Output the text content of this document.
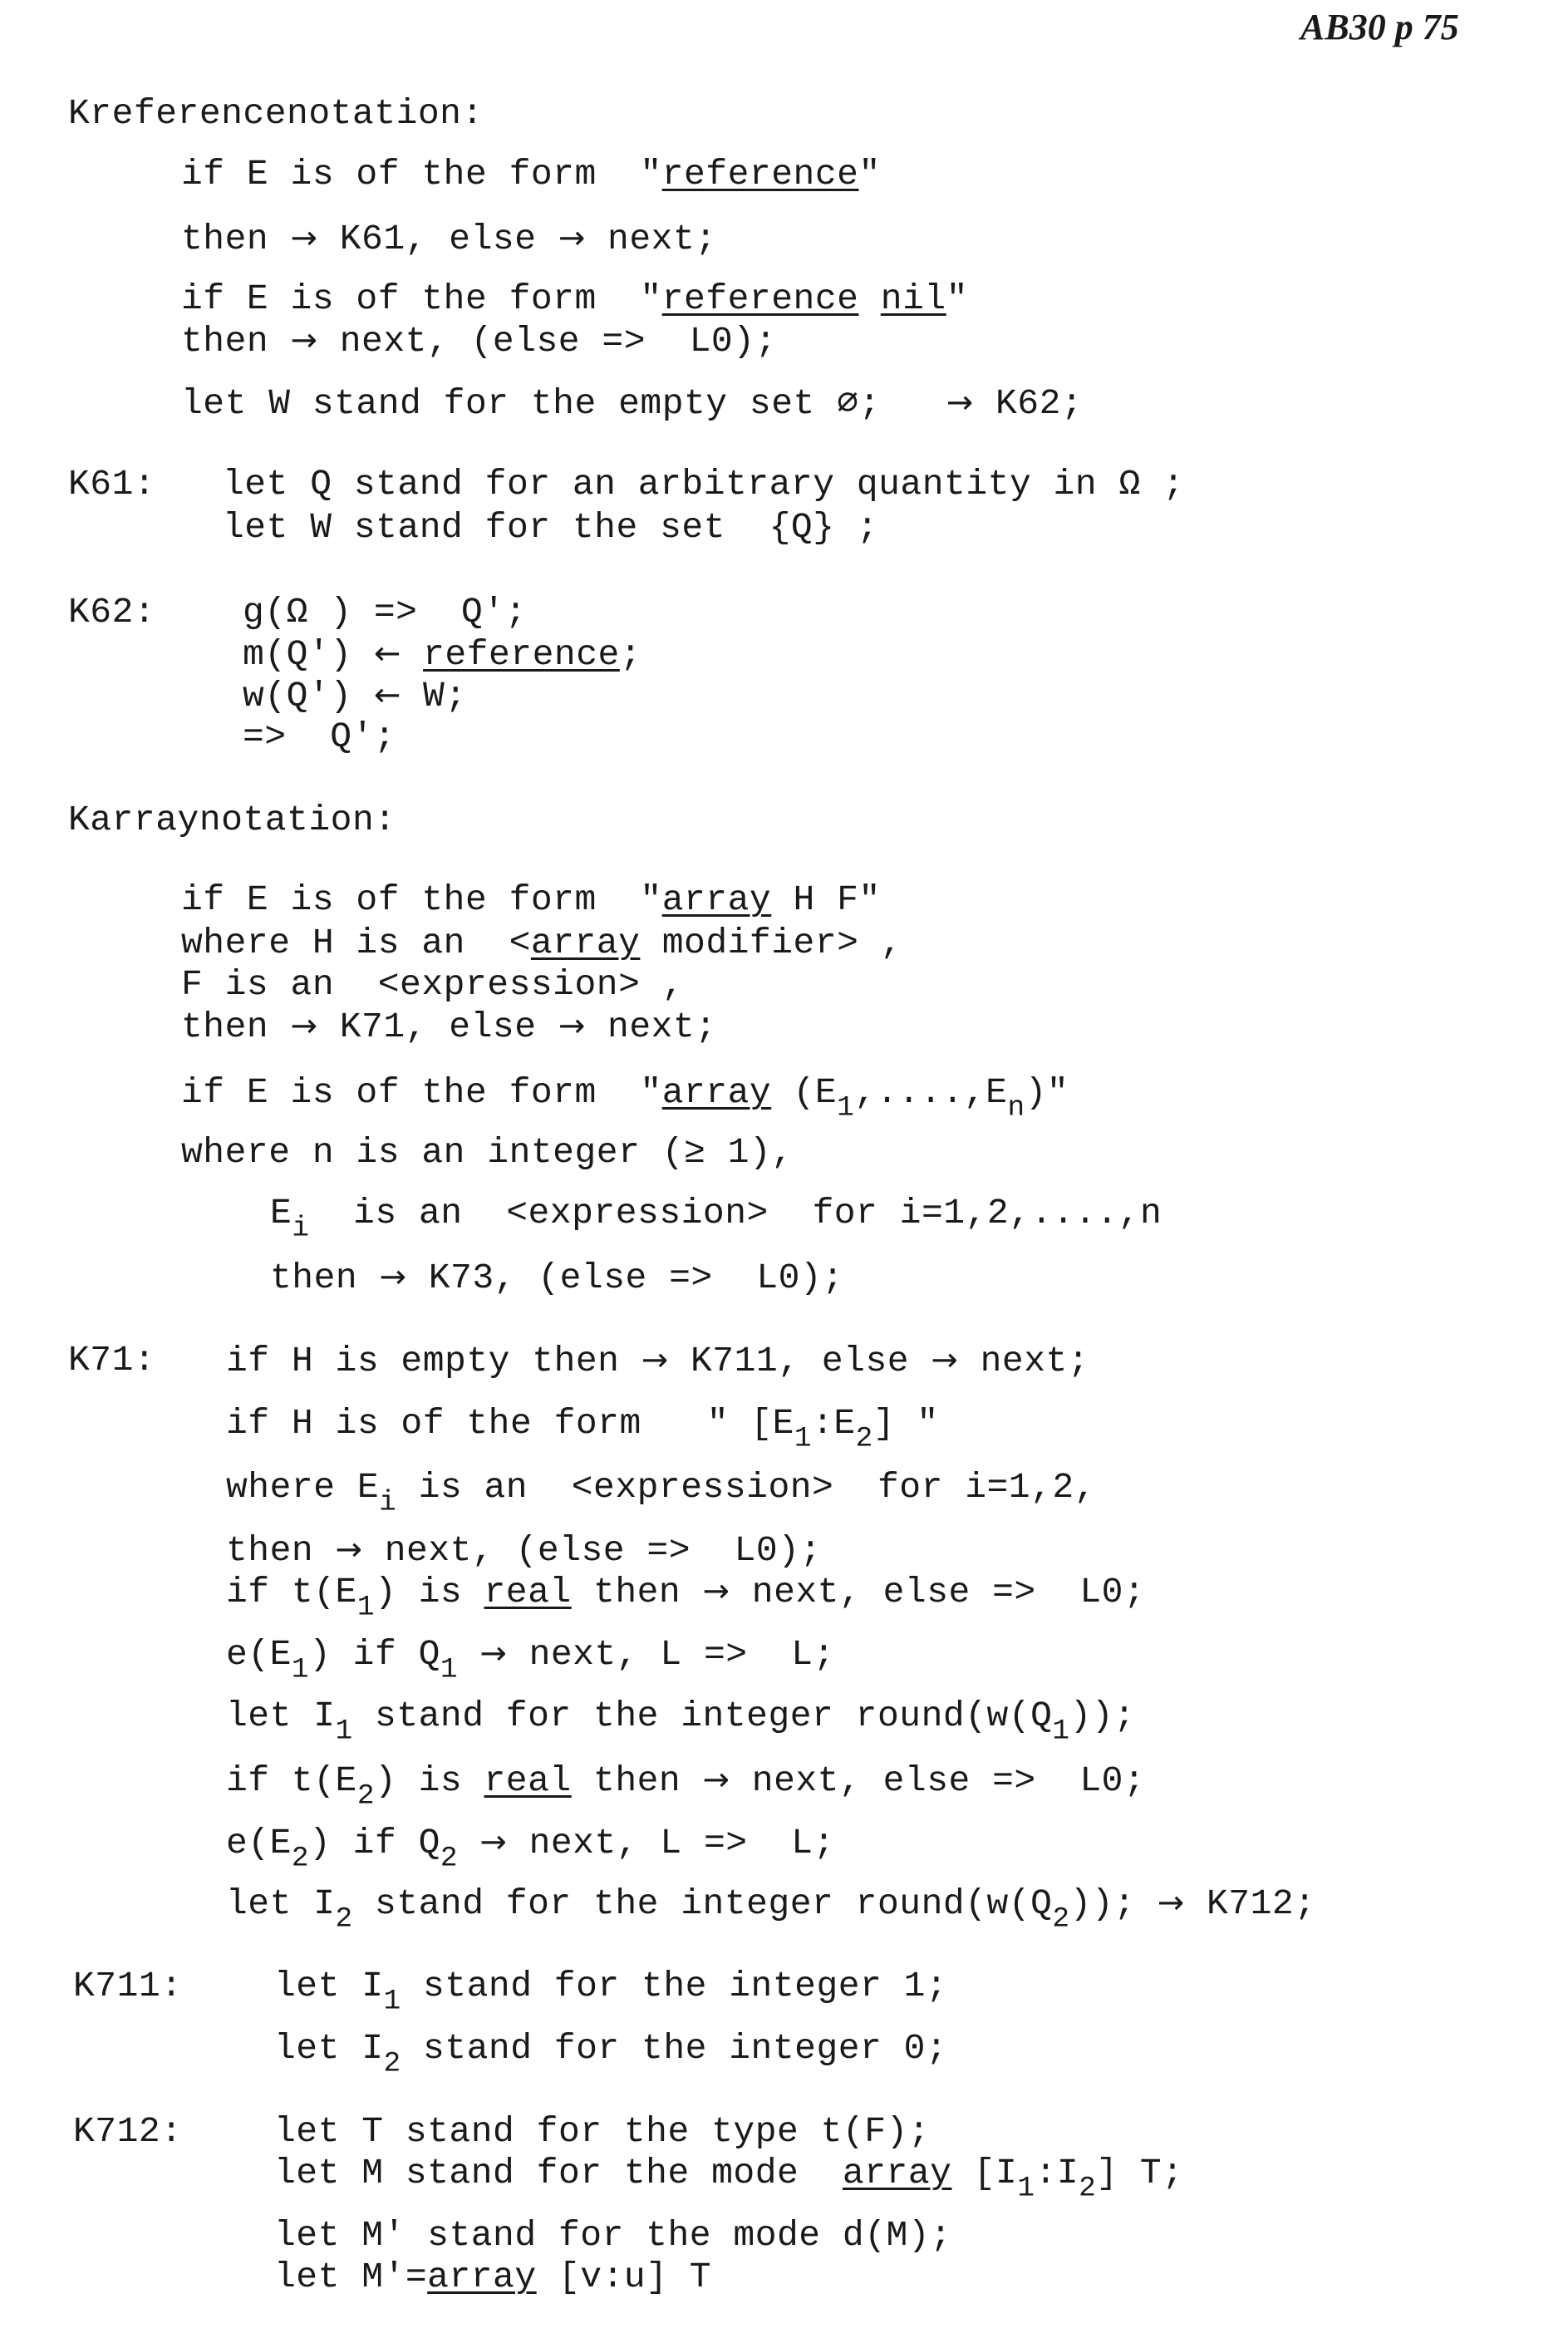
AB30 p 75
Kreferencenotation:
if E is of the form  "reference"
then → K61, else → next;
if E is of the form  "reference nil"
then → next, (else =>  L0);
let W stand for the empty set ∅;   → K62;
K61: let Q stand for an arbitrary quantity in Ω ;
let W stand for the set  {Q} ;
K62: g(Ω ) =>  Q';
m(Q') ← reference;
w(Q') ← W;
=>  Q';
Karraynotation:
if E is of the form  "array H F"
where H is an  <array modifier> ,
F is an  <expression> ,
then → K71, else → next;
if E is of the form  "array $(E_1,....,E_n)$"
where n is an integer (≥ 1),
$E_i$  is an  <expression>  for i=1,2,....,n
then → K73, (else =>  L0);
K71: if H is empty then → K711, else → next;
if H is of the form   " $[E_1:E_2]$ "
where $E_i$ is an  <expression>  for i=1,2,
then → next, (else =>  L0);
if $t(E_1)$ is real then → next, else =>  L0;
$e(E_1)$ if $Q_1$ → next, L =>  L;
let $I_1$ stand for the integer $round(w(Q_1))$;
if $t(E_2)$ is real then → next, else =>  L0;
$e(E_2)$ if $Q_2$ → next, L =>  L;
let $I_2$ stand for the integer $round(w(Q_2))$; → K712;
K711:	let $I_1$ stand for the integer 1;
let $I_2$ stand for the integer 0;
K712:	let T stand for the type t(F);
let M stand for the mode  array $[I_1:I_2]$ T;
let M' stand for the mode d(M);
let M'=array [v:u] T
